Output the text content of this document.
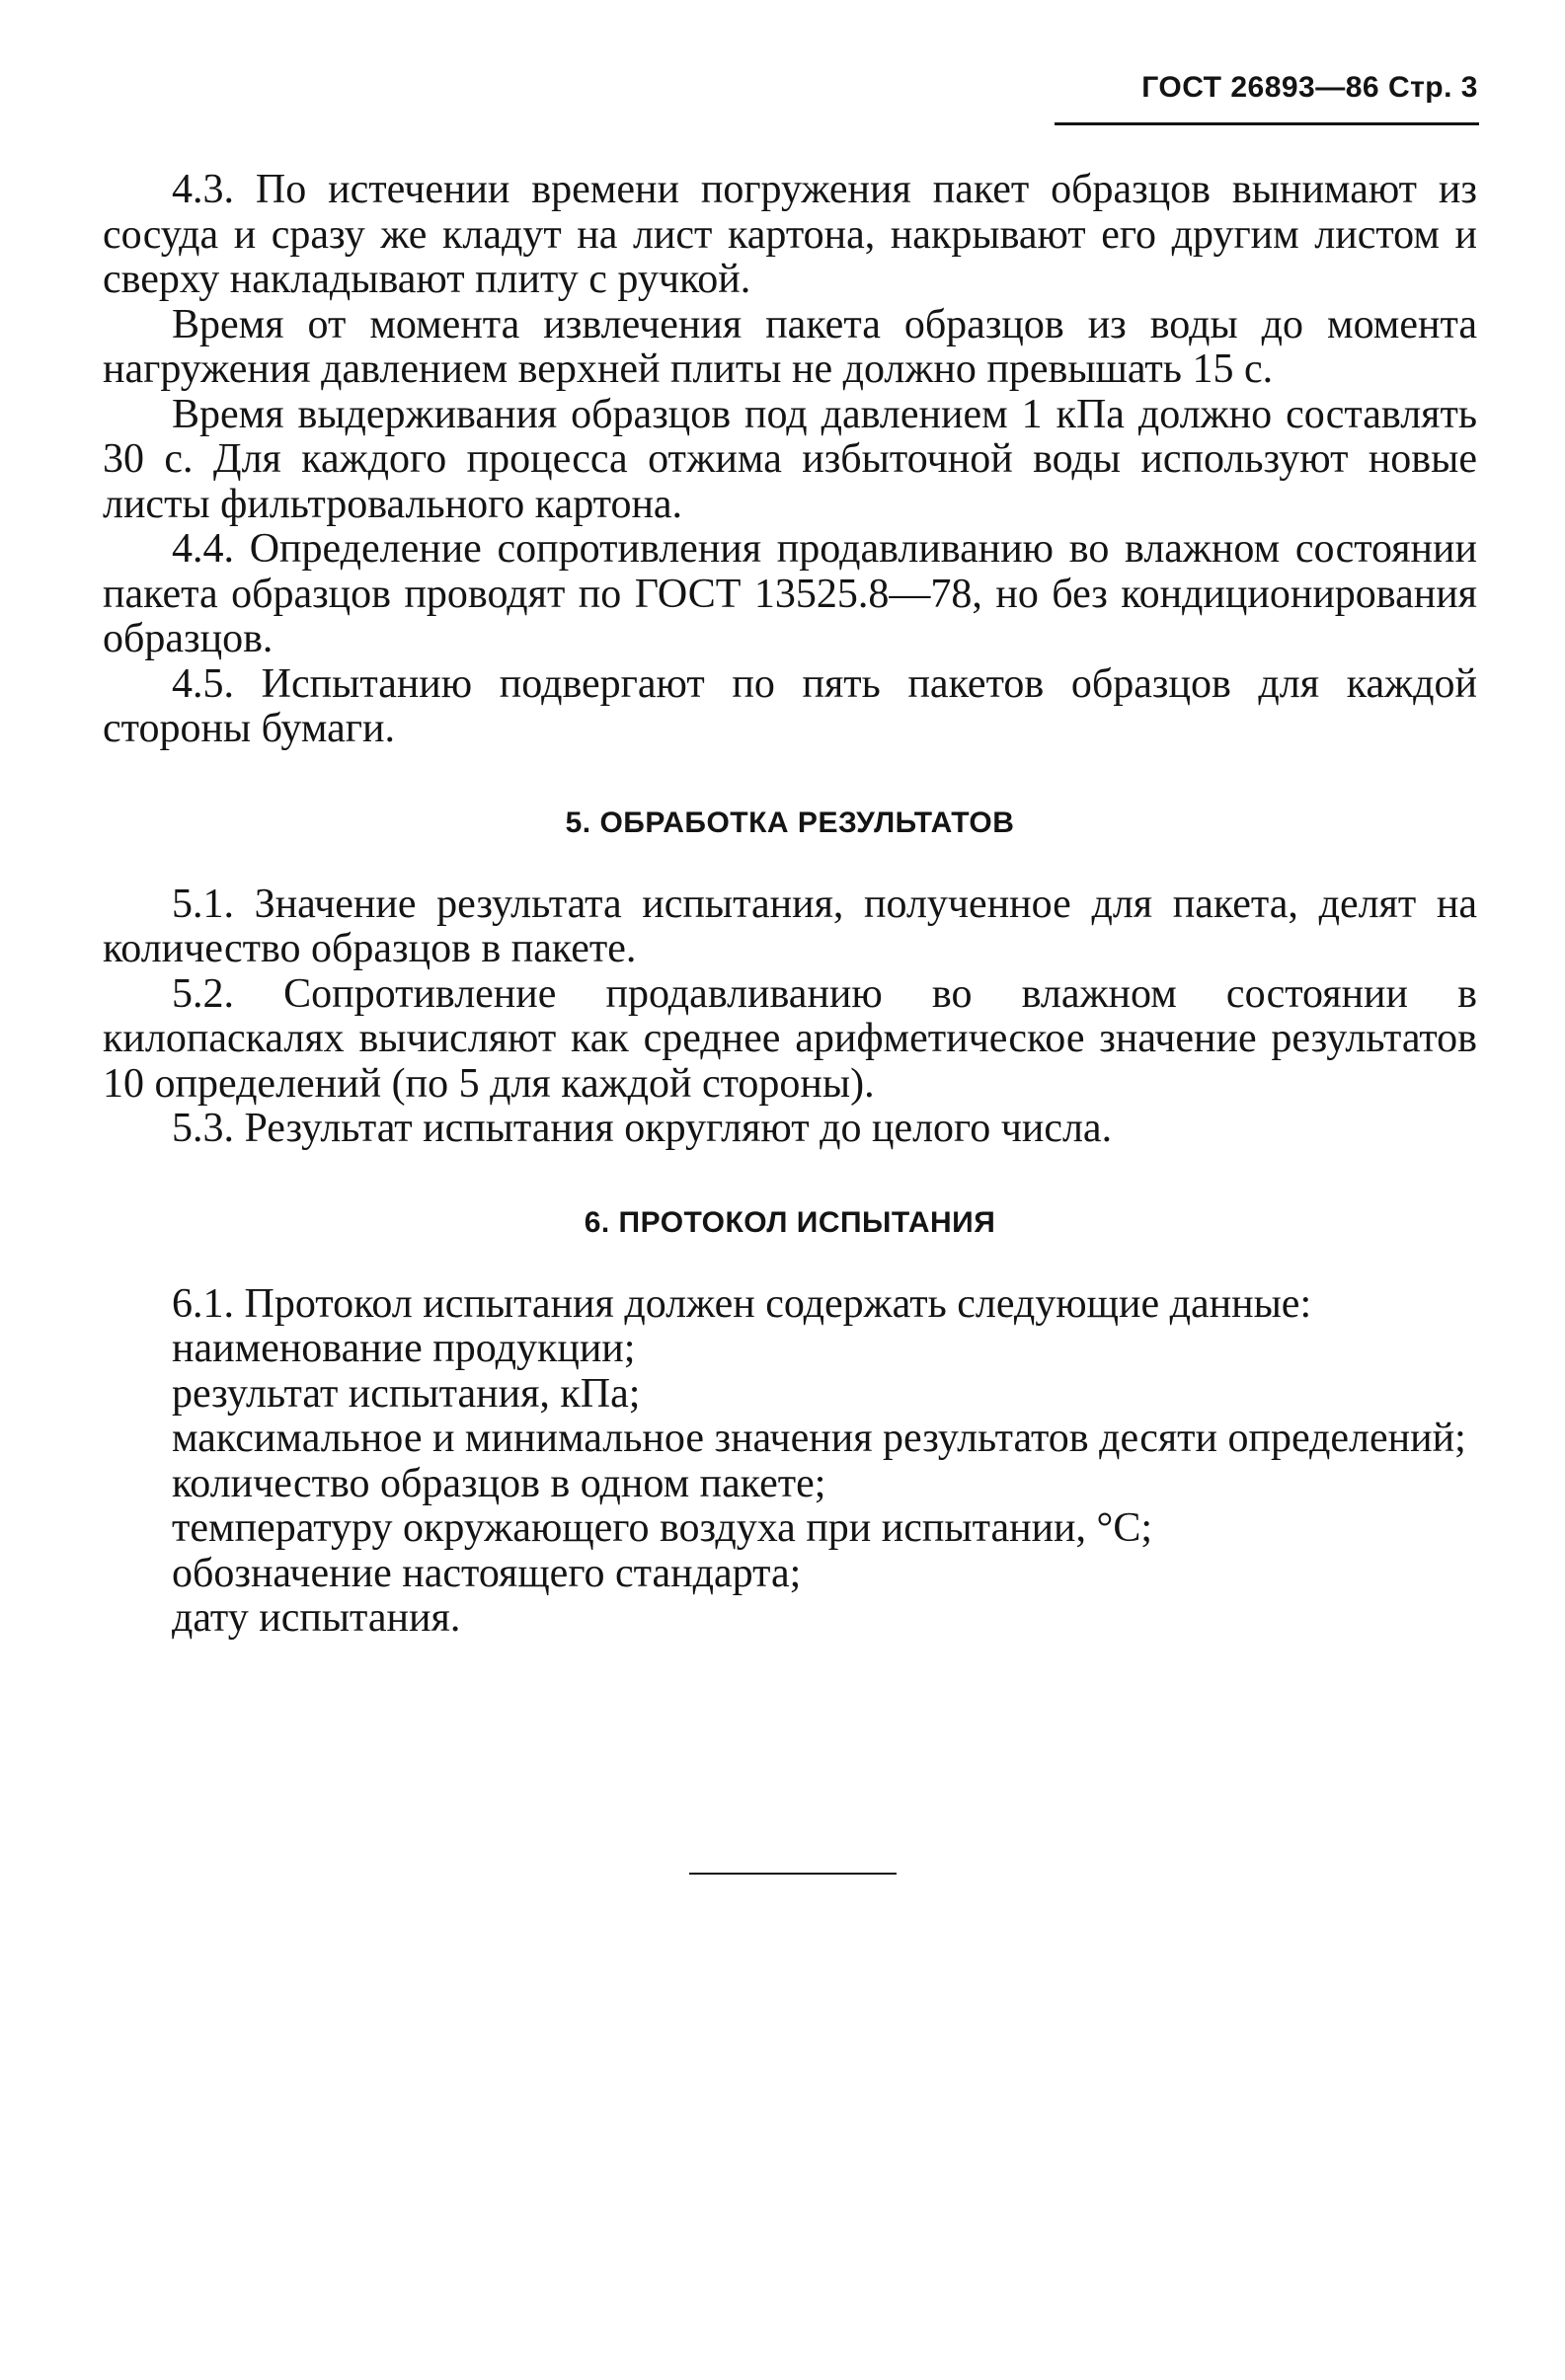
ГОСТ 26893—86 Стр. 3

4.3. По истечении времени погружения пакет образцов вынимают из сосуда и сразу же кладут на лист картона, накрывают его другим листом и сверху накладывают плиту с ручкой.

Время от момента извлечения пакета образцов из воды до момента нагружения давлением верхней плиты не должно превышать 15 с.

Время выдерживания образцов под давлением 1 кПа должно составлять 30 с. Для каждого процесса отжима избыточной воды используют новые листы фильтровального картона.

4.4. Определение сопротивления продавливанию во влажном состоянии пакета образцов проводят по ГОСТ 13525.8—78, но без кондиционирования образцов.

4.5. Испытанию подвергают по пять пакетов образцов для каждой стороны бумаги.

5. ОБРАБОТКА РЕЗУЛЬТАТОВ

5.1. Значение результата испытания, полученное для пакета, делят на количество образцов в пакете.

5.2. Сопротивление продавливанию во влажном состоянии в килопаскалях вычисляют как среднее арифметическое значение результатов 10 определений (по 5 для каждой стороны).

5.3. Результат испытания округляют до целого числа.

6. ПРОТОКОЛ ИСПЫТАНИЯ

6.1. Протокол испытания должен содержать следующие данные:

наименование продукции;

результат испытания, кПа;

максимальное и минимальное значения результатов десяти определений;

количество образцов в одном пакете;

температуру окружающего воздуха при испытании, °С;

обозначение настоящего стандарта;

дату испытания.
